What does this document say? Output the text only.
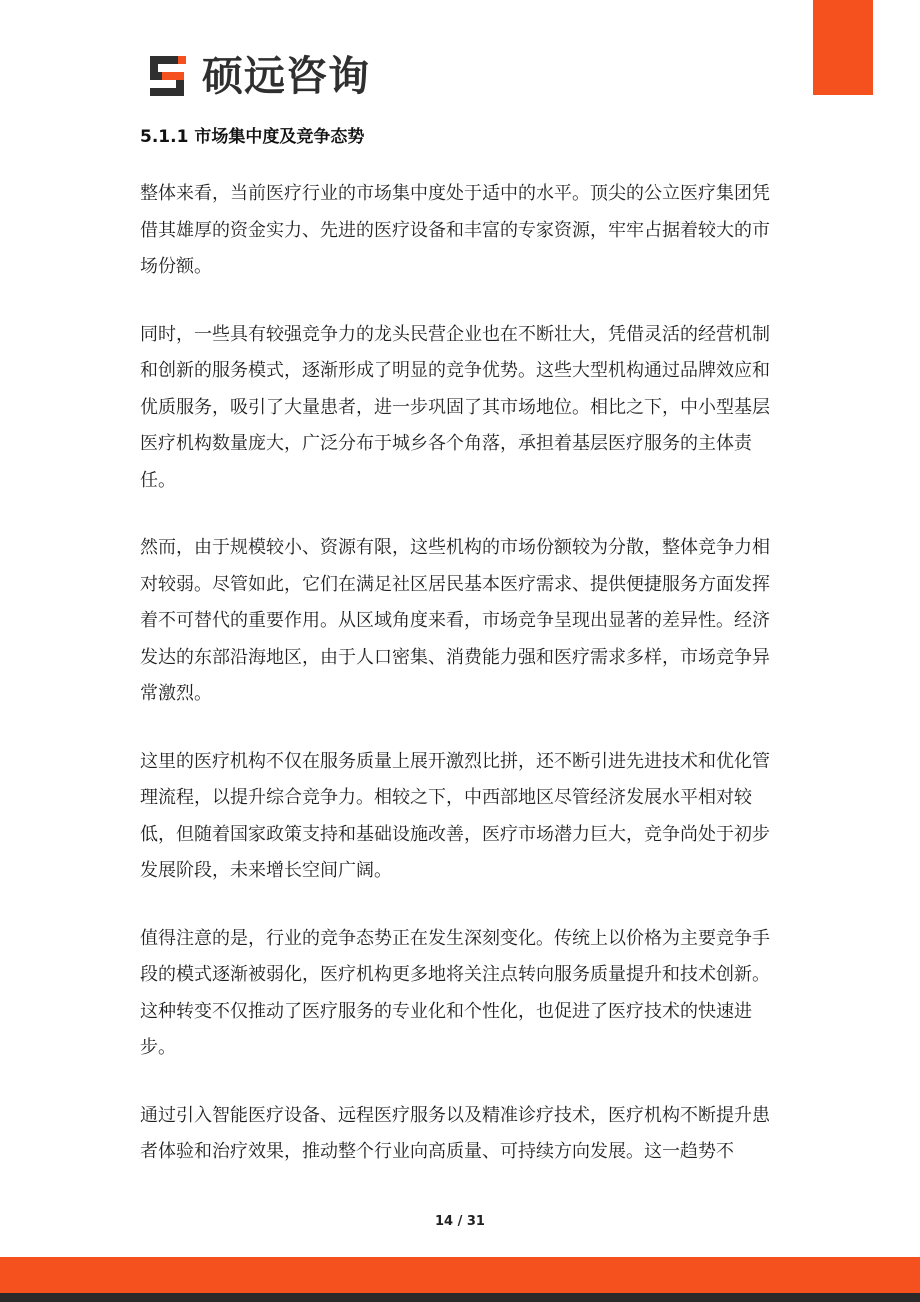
硕远咨询
5.1.1 市场集中度及竞争态势

整体来看，当前医疗行业的市场集中度处于适中的水平。顶尖的公立医疗集团凭借其雄厚的资金实力、先进的医疗设备和丰富的专家资源，牢牢占据着较大的市场份额。

同时，一些具有较强竞争力的龙头民营企业也在不断壮大，凭借灵活的经营机制和创新的服务模式，逐渐形成了明显的竞争优势。这些大型机构通过品牌效应和优质服务，吸引了大量患者，进一步巩固了其市场地位。相比之下，中小型基层医疗机构数量庞大，广泛分布于城乡各个角落，承担着基层医疗服务的主体责任。

然而，由于规模较小、资源有限，这些机构的市场份额较为分散，整体竞争力相对较弱。尽管如此，它们在满足社区居民基本医疗需求、提供便捷服务方面发挥着不可替代的重要作用。从区域角度来看，市场竞争呈现出显著的差异性。经济发达的东部沿海地区，由于人口密集、消费能力强和医疗需求多样，市场竞争异常激烈。

这里的医疗机构不仅在服务质量上展开激烈比拼，还不断引进先进技术和优化管理流程，以提升综合竞争力。相较之下，中西部地区尽管经济发展水平相对较低，但随着国家政策支持和基础设施改善，医疗市场潜力巨大，竞争尚处于初步发展阶段，未来增长空间广阔。

值得注意的是，行业的竞争态势正在发生深刻变化。传统上以价格为主要竞争手段的模式逐渐被弱化，医疗机构更多地将关注点转向服务质量提升和技术创新。这种转变不仅推动了医疗服务的专业化和个性化，也促进了医疗技术的快速进步。

通过引入智能医疗设备、远程医疗服务以及精准诊疗技术，医疗机构不断提升患者体验和治疗效果，推动整个行业向高质量、可持续方向发展。这一趋势不

14 / 31
